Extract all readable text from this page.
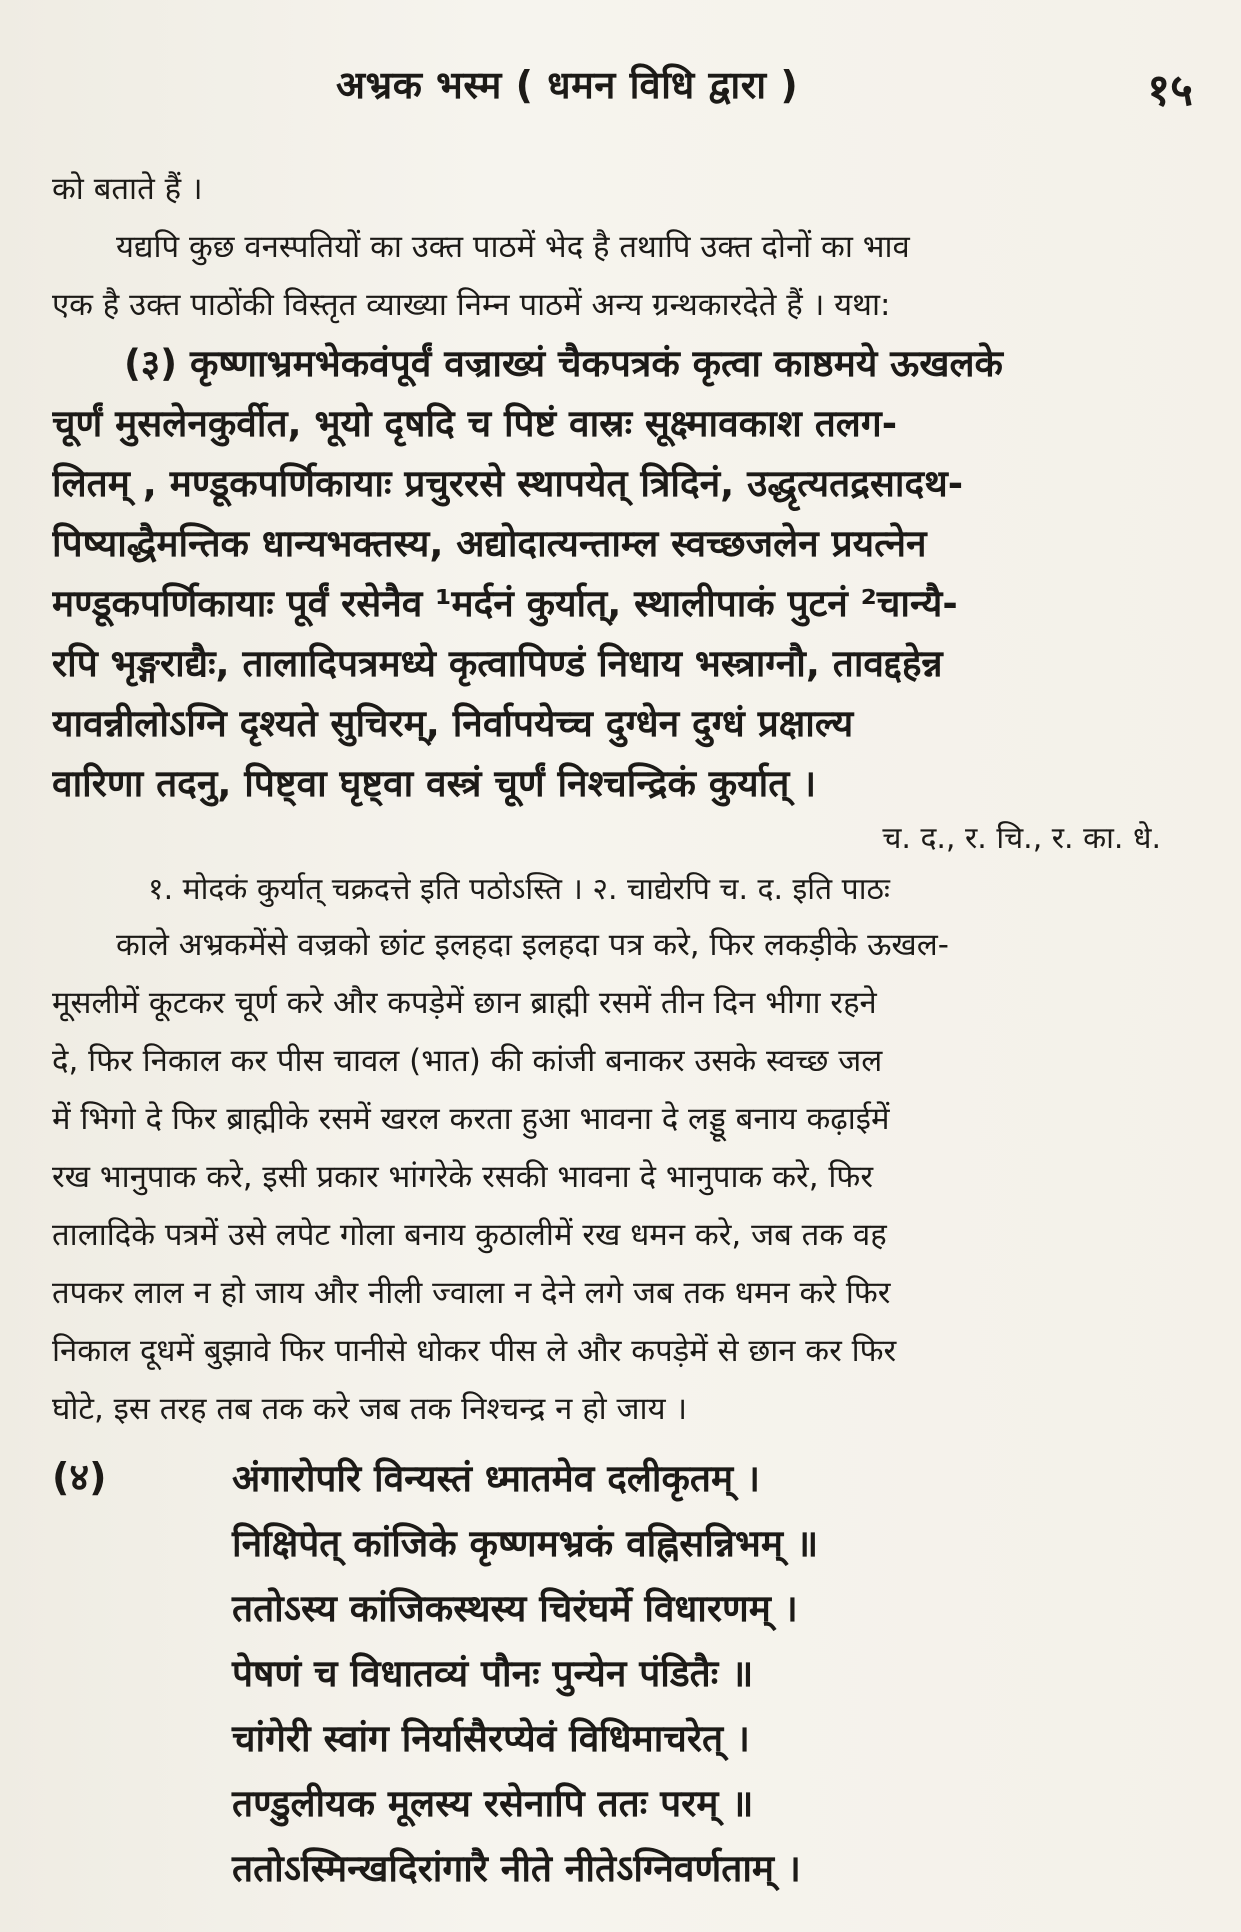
अभ्रक भस्म ( धमन विधि द्वारा )	१५
को बताते हैं ।
यद्यपि कुछ वनस्पतियों का उक्त पाठमें भेद है तथापि उक्त दोनों का भाव
एक है उक्त पाठोंकी विस्तृत व्याख्या निम्न पाठमें अन्य ग्रन्थकारदेते हैं । यथा:
(३) कृष्णाभ्रमभेकवंपूर्वं वज्राख्यं चैकपत्रकं कृत्वा काष्ठमये ऊखलके
चूर्णं मुसलेनकुर्वीत, भूयो दृषदि च पिष्टं वास्रः सूक्ष्मावकाश तलग-
लितम् , मण्डूकपर्णिकायाः प्रचुररसे स्थापयेत् त्रिदिनं, उद्धृत्यतद्रसादथ-
पिष्याद्धैमन्तिक धान्यभक्तस्य, अद्योदात्यन्ताम्ल स्वच्छजलेन प्रयत्नेन
मण्डूकपर्णिकायाः पूर्वं रसेनैव ¹मर्दनं कुर्यात्, स्थालीपाकं पुटनं ²चान्यै-
रपि भृङ्गराद्यैः, तालादिपत्रमध्ये कृत्वापिण्डं निधाय भस्त्राग्नौ, तावद्दहेन्न
यावन्नीलोऽग्नि दृश्यते सुचिरम्, निर्वापयेच्च दुग्धेन दुग्धं प्रक्षाल्य
वारिणा तदनु, पिष्ट्वा घृष्ट्वा वस्त्रं चूर्णं निश्चन्द्रिकं कुर्यात् ।
च. द., र. चि., र. का. धे.
१. मोदकं कुर्यात् चक्रदत्ते इति पठोऽस्ति । २. चाद्येरपि च. द. इति पाठः
काले अभ्रकमेंसे वज्रको छांट इलहदा इलहदा पत्र करे, फिर लकड़ीके ऊखल-
मूसलीमें कूटकर चूर्ण करे और कपड़ेमें छान ब्राह्मी रसमें तीन दिन भीगा रहने
दे, फिर निकाल कर पीस चावल (भात) की कांजी बनाकर उसके स्वच्छ जल
में भिगो दे फिर ब्राह्मीके रसमें खरल करता हुआ भावना दे लड्डू बनाय कढ़ाईमें
रख भानुपाक करे, इसी प्रकार भांगरेके रसकी भावना दे भानुपाक करे, फिर
तालादिके पत्रमें उसे लपेट गोला बनाय कुठालीमें रख धमन करे, जब तक वह
तपकर लाल न हो जाय और नीली ज्वाला न देने लगे जब तक धमन करे फिर
निकाल दूधमें बुझावे फिर पानीसे धोकर पीस ले और कपड़ेमें से छान कर फिर
घोटे, इस तरह तब तक करे जब तक निश्चन्द्र न हो जाय ।
(४)	अंगारोपरि विन्यस्तं ध्मातमेव दलीकृतम् ।
निक्षिपेत् कांजिके कृष्णमभ्रकं वह्निसन्निभम् ॥
ततोऽस्य कांजिकस्थस्य चिरंघर्मे विधारणम् ।
पेषणं च विधातव्यं पौनः पुन्येन पंडितैः ॥
चांगेरी स्वांग निर्यासैरप्येवं विधिमाचरेत् ।
तण्डुलीयक मूलस्य रसेनापि ततः परम् ॥
ततोऽस्मिन्खदिरांगारै नीते नीतेऽग्निवर्णताम् ।
